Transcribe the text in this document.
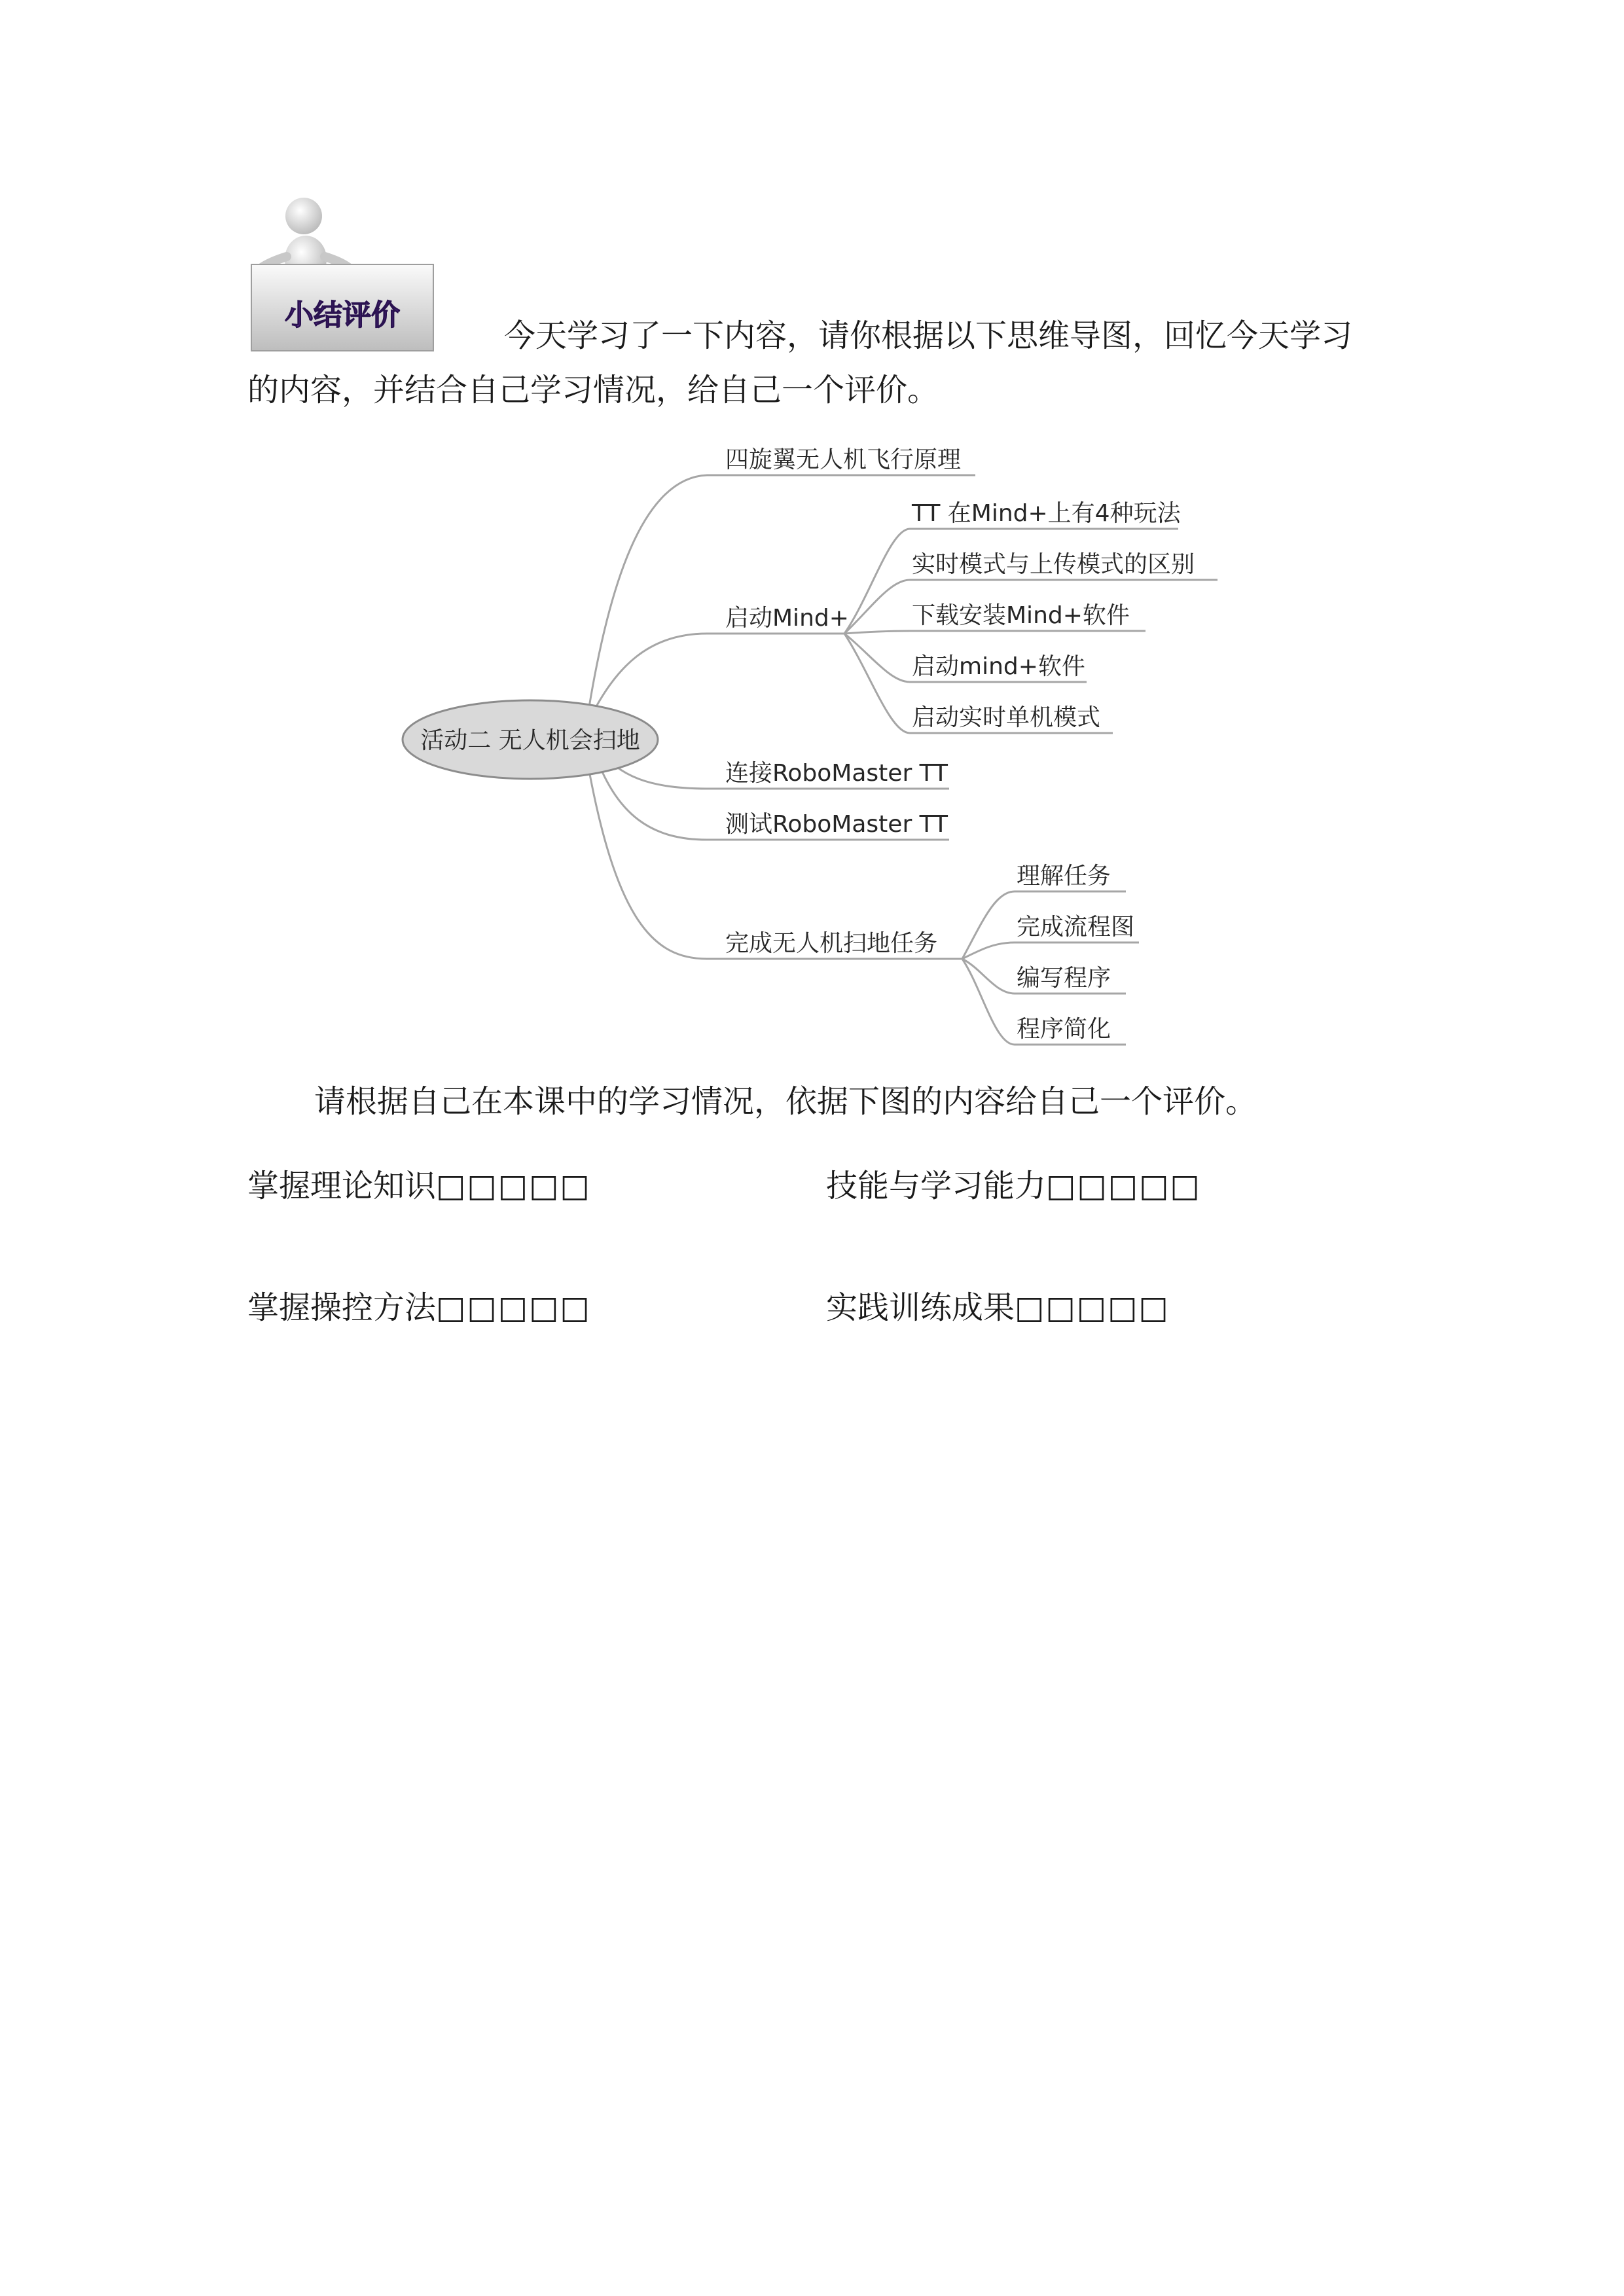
小结评价
今天学习了一下内容，请你根据以下思维导图，回忆今天学习
的内容，并结合自己学习情况，给自己一个评价。
活动二 无人机会扫地
四旋翼无人机飞行原理
启动Mind+
连接RoboMaster TT
测试RoboMaster TT
完成无人机扫地任务
TT 在Mind+上有4种玩法
实时模式与上传模式的区别
下载安装Mind+软件
启动mind+软件
启动实时单机模式
理解任务
完成流程图
编写程序
程序简化
请根据自己在本课中的学习情况，依据下图的内容给自己一个评价。
掌握理论知识□□□□□	技能与学习能力□□□□□
掌握操控方法□□□□□	实践训练成果□□□□□
